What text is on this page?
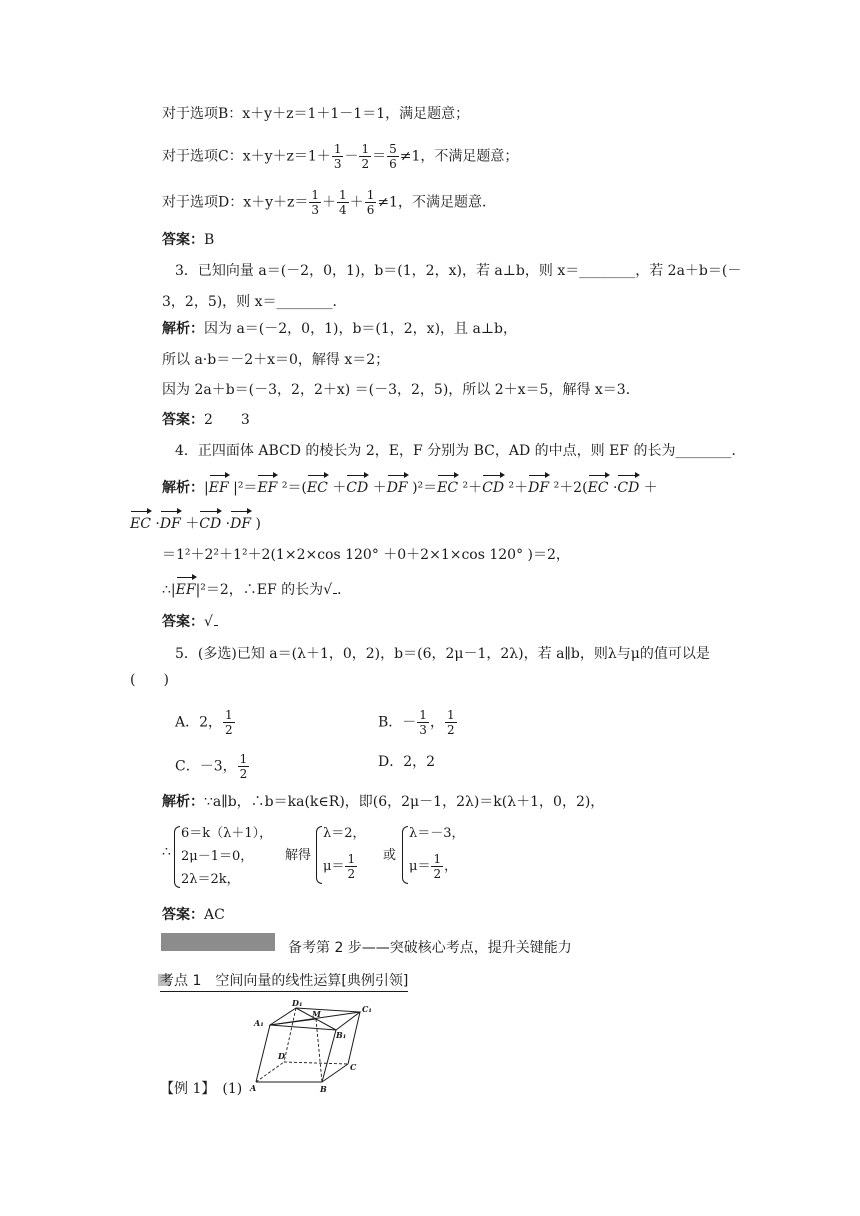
对于选项B：x＋y＋z＝1＋1－1＝1，满足题意；
对于选项C：$x+y+z=1+ \frac{1}{3} - \frac{1}{2} = \frac{5}{6} \ne 1$，不满足题意；
对于选项D：$x+y+z= \frac{1}{3} + \frac{1}{4} + \frac{1}{6} \ne 1$，不满足题意．
答案：B
3．已知向量 a＝(－2，0，1)，b＝(1，2，x)，若 a⊥b，则 x＝________，若 2a＋b＝(－
3，2，5)，则 x＝________．
解析：因为 a＝(－2，0，1)，b＝(1，2，x)，且 a⊥b，
所以 a·b＝－2＋x＝0，解得 x＝2；
因为 2a＋b＝(－3，2，2＋x) ＝(－3，2，5)，所以 2＋x＝5，解得 x＝3．
答案：2　　3
4．正四面体 ABCD 的棱长为 2，E，F 分别为 BC，AD 的中点，则 EF 的长为________．
解析：|EF |²＝EF ²＝(EC ＋CD ＋DF )²＝EC ²＋CD ²＋DF ²＋2(EC ·CD ＋
EC ·DF ＋CD ·DF )
＝1²＋2²＋1²＋2(1×2×cos 120° ＋0＋2×1×cos 120° )＝2，
∴|EF|²＝2，∴EF 的长为√ ．
答案：√
5．(多选)已知 a＝(λ＋1，0，2)，b＝(6，2μ－1，2λ)，若 a∥b，则λ与μ的值可以是
(　　)
A．2， $\frac{1}{2}$	B．－ $\frac{1}{3}$ ， $\frac{1}{2}$
C．－3， $\frac{1}{2}$	D．2，2
解析：∵a∥b，∴b＝ka(k∈R)，即(6，2μ－1，2λ)＝k(λ＋1，0，2)，
∴
6＝k（λ＋1），
2μ－1＝0，
2λ＝2k，
解得
λ＝2，
$\mu= \frac{1}{2}$ 或
λ＝－3，
$\mu= \frac{1}{2}$ ，
答案：AC
备考第 2 步——突破核心考点，提升关键能力
考点 1　空间向量的线性运算[典例引领]
D₁
M	C₁
A₁
B₁
D
C
A	B
【例 1】　(1)
